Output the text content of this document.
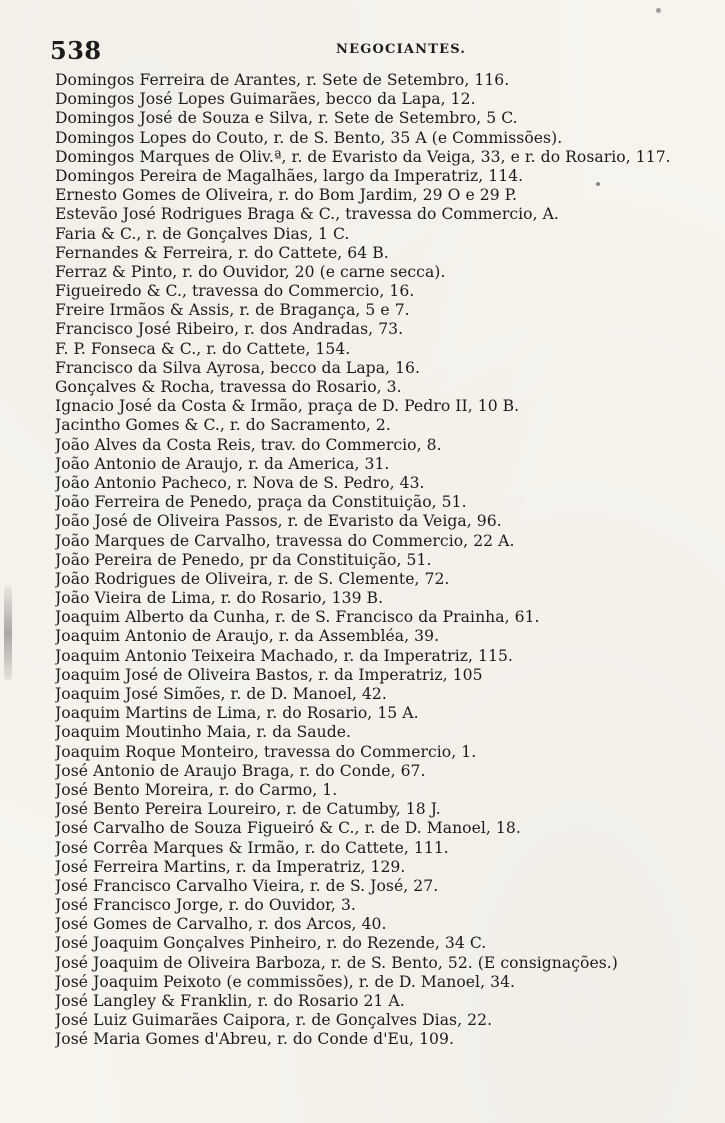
538	NEGOCIANTES.
Domingos Ferreira de Arantes, r. Sete de Setembro, 116.
Domingos José Lopes Guimarães, becco da Lapa, 12.
Domingos José de Souza e Silva, r. Sete de Setembro, 5 C.
Domingos Lopes do Couto, r. de S. Bento, 35 A (e Commissões).
Domingos Marques de Oliv.ª, r. de Evaristo da Veiga, 33, e r. do Rosario, 117.
Domingos Pereira de Magalhães, largo da Imperatriz, 114.
Ernesto Gomes de Oliveira, r. do Bom Jardim, 29 O e 29 P.
Estevão José Rodrigues Braga & C., travessa do Commercio, A.
Faria & C., r. de Gonçalves Dias, 1 C.
Fernandes & Ferreira, r. do Cattete, 64 B.
Ferraz & Pinto, r. do Ouvidor, 20 (e carne secca).
Figueiredo & C., travessa do Commercio, 16.
Freire Irmãos & Assis, r. de Bragança, 5 e 7.
Francisco José Ribeiro, r. dos Andradas, 73.
F. P. Fonseca & C., r. do Cattete, 154.
Francisco da Silva Ayrosa, becco da Lapa, 16.
Gonçalves & Rocha, travessa do Rosario, 3.
Ignacio José da Costa & Irmão, praça de D. Pedro II, 10 B.
Jacintho Gomes & C., r. do Sacramento, 2.
João Alves da Costa Reis, trav. do Commercio, 8.
João Antonio de Araujo, r. da America, 31.
João Antonio Pacheco, r. Nova de S. Pedro, 43.
João Ferreira de Penedo, praça da Constituição, 51.
João José de Oliveira Passos, r. de Evaristo da Veiga, 96.
João Marques de Carvalho, travessa do Commercio, 22 A.
João Pereira de Penedo, pr da Constituição, 51.
João Rodrigues de Oliveira, r. de S. Clemente, 72.
João Vieira de Lima, r. do Rosario, 139 B.
Joaquim Alberto da Cunha, r. de S. Francisco da Prainha, 61.
Joaquim Antonio de Araujo, r. da Assembléa, 39.
Joaquim Antonio Teixeira Machado, r. da Imperatriz, 115.
Joaquim José de Oliveira Bastos, r. da Imperatriz, 105
Joaquim José Simões, r. de D. Manoel, 42.
Joaquim Martins de Lima, r. do Rosario, 15 A.
Joaquim Moutinho Maia, r. da Saude.
Joaquim Roque Monteiro, travessa do Commercio, 1.
José Antonio de Araujo Braga, r. do Conde, 67.
José Bento Moreira, r. do Carmo, 1.
José Bento Pereira Loureiro, r. de Catumby, 18 J.
José Carvalho de Souza Figueiró & C., r. de D. Manoel, 18.
José Corrêa Marques & Irmão, r. do Cattete, 111.
José Ferreira Martins, r. da Imperatriz, 129.
José Francisco Carvalho Vieira, r. de S. José, 27.
José Francisco Jorge, r. do Ouvidor, 3.
José Gomes de Carvalho, r. dos Arcos, 40.
José Joaquim Gonçalves Pinheiro, r. do Rezende, 34 C.
José Joaquim de Oliveira Barboza, r. de S. Bento, 52. (E consignações.)
José Joaquim Peixoto (e commissões), r. de D. Manoel, 34.
José Langley & Franklin, r. do Rosario 21 A.
José Luiz Guimarães Caipora, r. de Gonçalves Dias, 22.
José Maria Gomes d'Abreu, r. do Conde d'Eu, 109.
